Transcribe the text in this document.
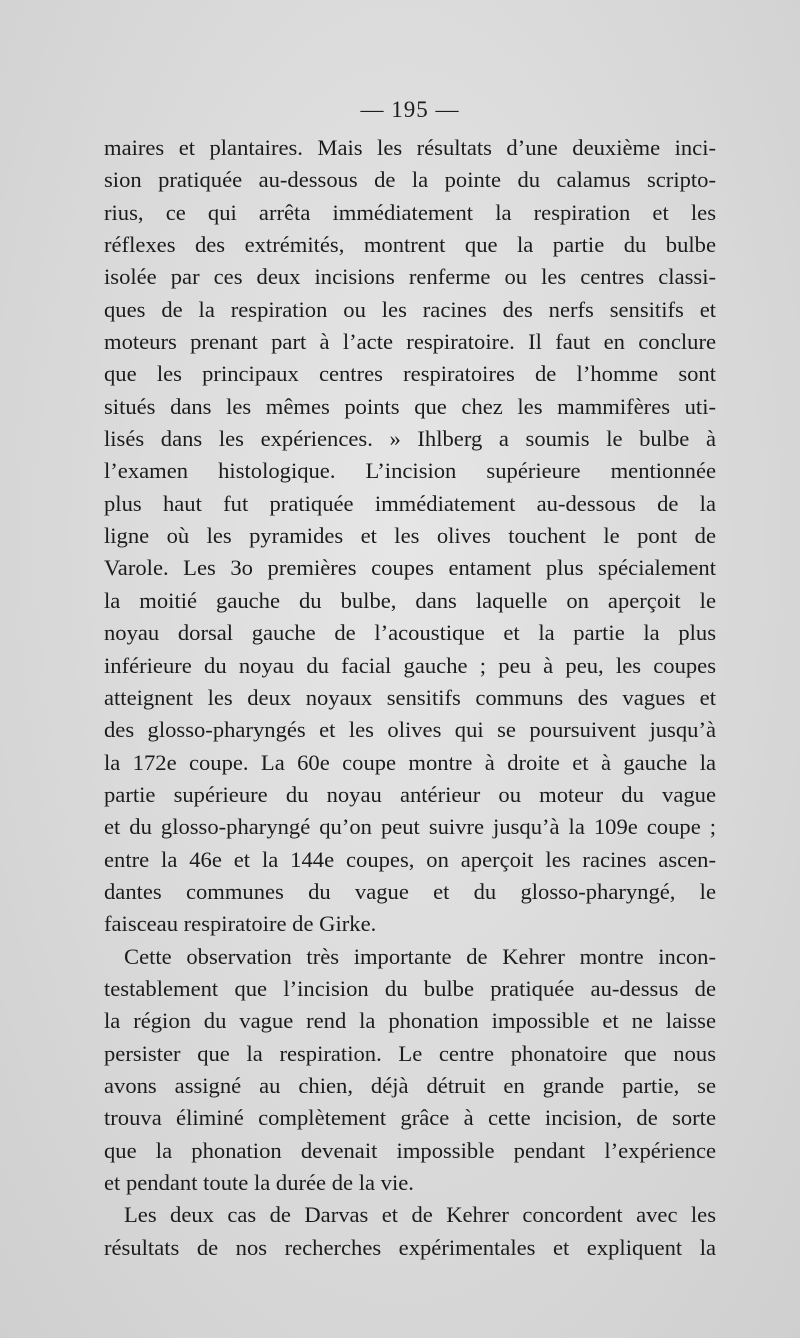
— 195 —
maires et plantaires. Mais les résultats d’une deuxième inci-
sion pratiquée au-dessous de la pointe du calamus scripto-
rius, ce qui arrêta immédiatement la respiration et les
réflexes des extrémités, montrent que la partie du bulbe
isolée par ces deux incisions renferme ou les centres classi-
ques de la respiration ou les racines des nerfs sensitifs et
moteurs prenant part à l’acte respiratoire. Il faut en conclure
que les principaux centres respiratoires de l’homme sont
situés dans les mêmes points que chez les mammifères uti-
lisés dans les expériences. » Ihlberg a soumis le bulbe à
l’examen histologique. L’incision supérieure mentionnée
plus haut fut pratiquée immédiatement au-dessous de la
ligne où les pyramides et les olives touchent le pont de
Varole. Les 3o premières coupes entament plus spécialement
la moitié gauche du bulbe, dans laquelle on aperçoit le
noyau dorsal gauche de l’acoustique et la partie la plus
inférieure du noyau du facial gauche ; peu à peu, les coupes
atteignent les deux noyaux sensitifs communs des vagues et
des glosso-pharyngés et les olives qui se poursuivent jusqu’à
la 172e coupe. La 60e coupe montre à droite et à gauche la
partie supérieure du noyau antérieur ou moteur du vague
et du glosso-pharyngé qu’on peut suivre jusqu’à la 109e coupe ;
entre la 46e et la 144e coupes, on aperçoit les racines ascen-
dantes communes du vague et du glosso-pharyngé, le
faisceau respiratoire de Girke.
Cette observation très importante de Kehrer montre incon-
testablement que l’incision du bulbe pratiquée au-dessus de
la région du vague rend la phonation impossible et ne laisse
persister que la respiration. Le centre phonatoire que nous
avons assigné au chien, déjà détruit en grande partie, se
trouva éliminé complètement grâce à cette incision, de sorte
que la phonation devenait impossible pendant l’expérience
et pendant toute la durée de la vie.
Les deux cas de Darvas et de Kehrer concordent avec les
résultats de nos recherches expérimentales et expliquent la
